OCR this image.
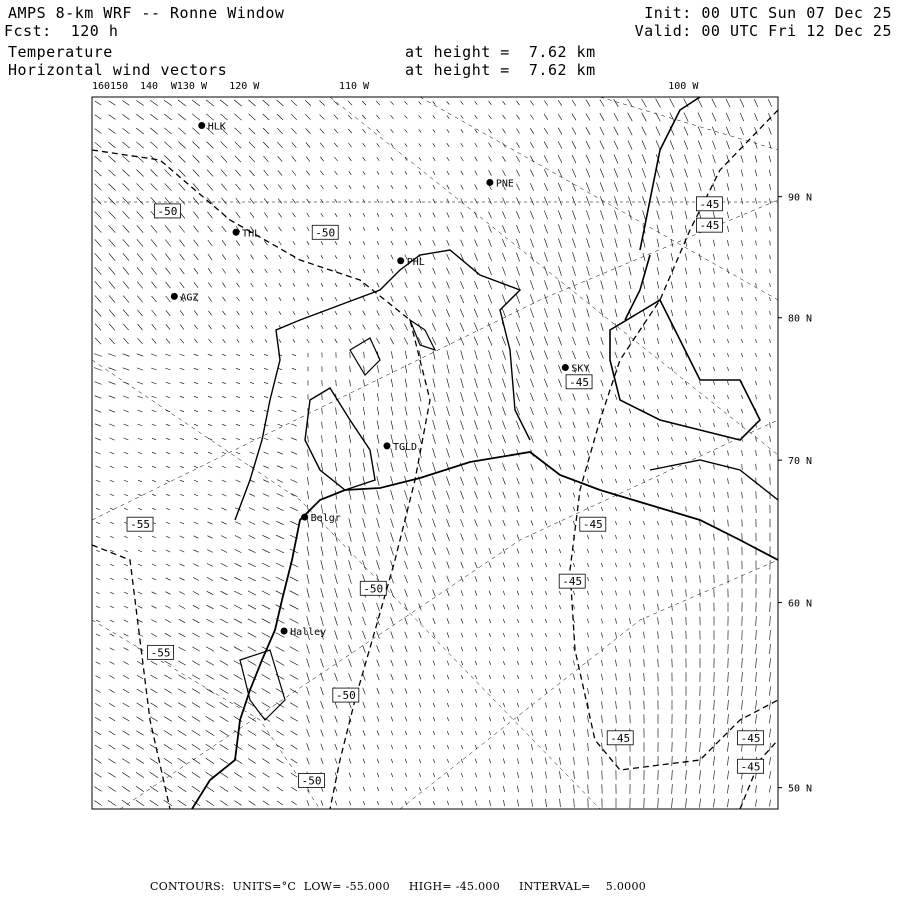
AMPS 8-km WRF -- Ronne Window
Fcst:  120 h
Init: 00 UTC Sun 07 Dec 25
Valid: 00 UTC Fri 12 Dec 25
Temperature
Horizontal wind vectors
at height =  7.62 km
at height =  7.62 km
160150 140 W130 W 120 W	110 W	100 W
90 N
80 N
70 N
60 N
50 N
HLK
PNE
THL
PHL
AGZ
SKY
TGLD
Belgr
Halley
-50
-50
-45
-45
-45
-55	-45
-45
-50
-55
-50
-45	-45
-45
-50
CONTOURS:  UNITS=°C  LOW= -55.000     HIGH= -45.000     INTERVAL=    5.0000
